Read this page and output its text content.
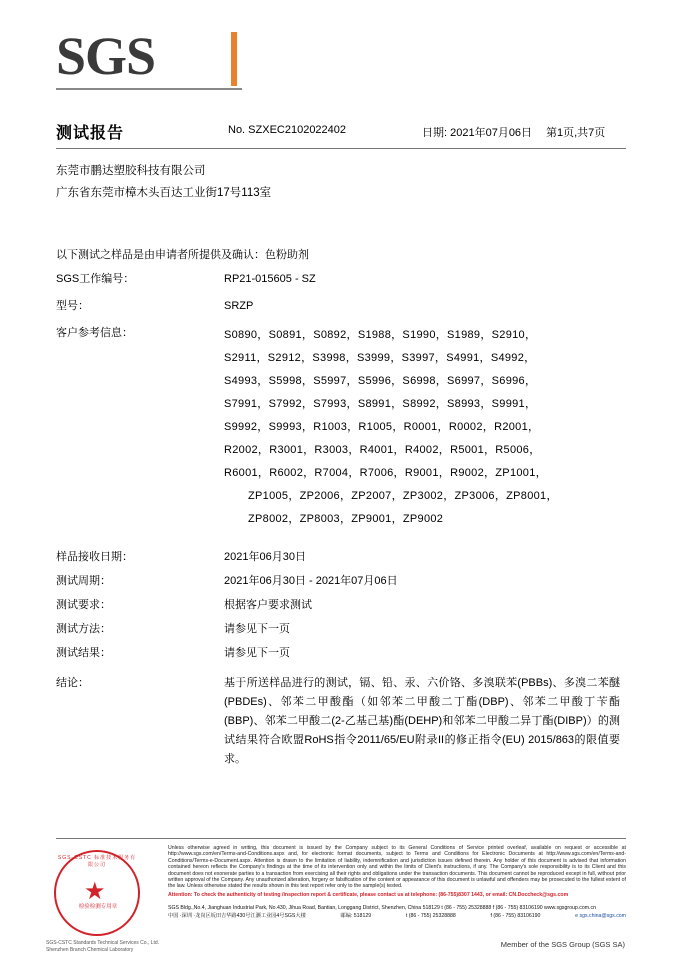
SGS
测试报告	No. SZXEC2102022402	日期: 2021年07月06日 第1页,共7页
东莞市鹏达塑胶科技有限公司
广东省东莞市樟木头百达工业街17号113室
以下测试之样品是由申请者所提供及确认：色粉助剂
SGS工作编号：	RP21-015605 - SZ
型号：	SRZP
客户参考信息：	S0890，S0891，S0892，S1988，S1990，S1989，S2910，
S2911，S2912，S3998，S3999，S3997，S4991，S4992，
S4993，S5998，S5997，S5996，S6998，S6997，S6996，
S7991，S7992，S7993，S8991，S8992，S8993，S9991，
S9992，S9993，R1003，R1005，R0001，R0002，R2001，
R2002，R3001，R3003，R4001，R4002，R5001，R5006，
R6001，R6002，R7004，R7006，R9001，R9002，ZP1001，
ZP1005，ZP2006，ZP2007，ZP3002，ZP3006，ZP8001，
ZP8002，ZP8003，ZP9001，ZP9002
样品接收日期：	2021年06月30日
测试周期：	2021年06月30日 - 2021年07月06日
测试要求：	根据客户要求测试
测试方法：	请参见下一页
测试结果：	请参见下一页
结论：	基于所送样品进行的测试，镉、铅、汞、六价铬、多溴联苯(PBBs)、多溴二苯醚(PBDEs)、邻苯二甲酸酯（如邻苯二甲酸二丁酯(DBP)、邻苯二甲酸丁苄酯(BBP)、邻苯二甲酸二(2-乙基己基)酯(DEHP)和邻苯二甲酸二异丁酯(DIBP)）的测试结果符合欧盟RoHS指令2011/65/EU附录II的修正指令(EU) 2015/863的限值要求。
SGS-CSTC 标准技术服务有限公司
★
检验检测专用章
SGS-CSTC Standards Technical Services Co., Ltd.
Shenzhen Branch Chemical Laboratory
Unless otherwise agreed in writing, this document is issued by the Company subject to its General Conditions of Service printed overleaf, available on request or accessible at http://www.sgs.com/en/Terms-and-Conditions.aspx and, for electronic format documents, subject to Terms and Conditions for Electronic Documents at http://www.sgs.com/en/Terms-and-Conditions/Terms-e-Document.aspx. Attention is drawn to the limitation of liability, indemnification and jurisdiction issues defined therein. Any holder of this document is advised that information contained hereon reflects the Company's findings at the time of its intervention only and within the limits of Client's instructions, if any. The Company's sole responsibility is to its Client and this document does not exonerate parties to a transaction from exercising all their rights and obligations under the transaction documents. This document cannot be reproduced except in full, without prior written approval of the Company. Any unauthorized alteration, forgery or falsification of the content or appearance of this document is unlawful and offenders may be prosecuted to the fullest extent of the law. Unless otherwise stated the results shown in this test report refer only to the sample(s) tested.
Attention: To check the authenticity of testing /inspection report & certificate, please contact us at telephone: (86-755)8307 1443, or email: CN.Doccheck@sgs.com
SGS Bldg.,No.4, Jianghuan Industrial Park, No.430, Jihua Road, Bantian, Longgang District, Shenzhen, China 518129 t (86 - 755) 25328888 f (86 - 755) 83106190 www.sgsgroup.com.cn
中国 ·深圳 ·龙岗区坂田吉华路430号江灏工业园4号SGS大楼	邮编: 518129	t (86 - 755) 25328888	f (86 - 755) 83106190	e sgs.china@sgs.com
Member of the SGS Group (SGS SA)
